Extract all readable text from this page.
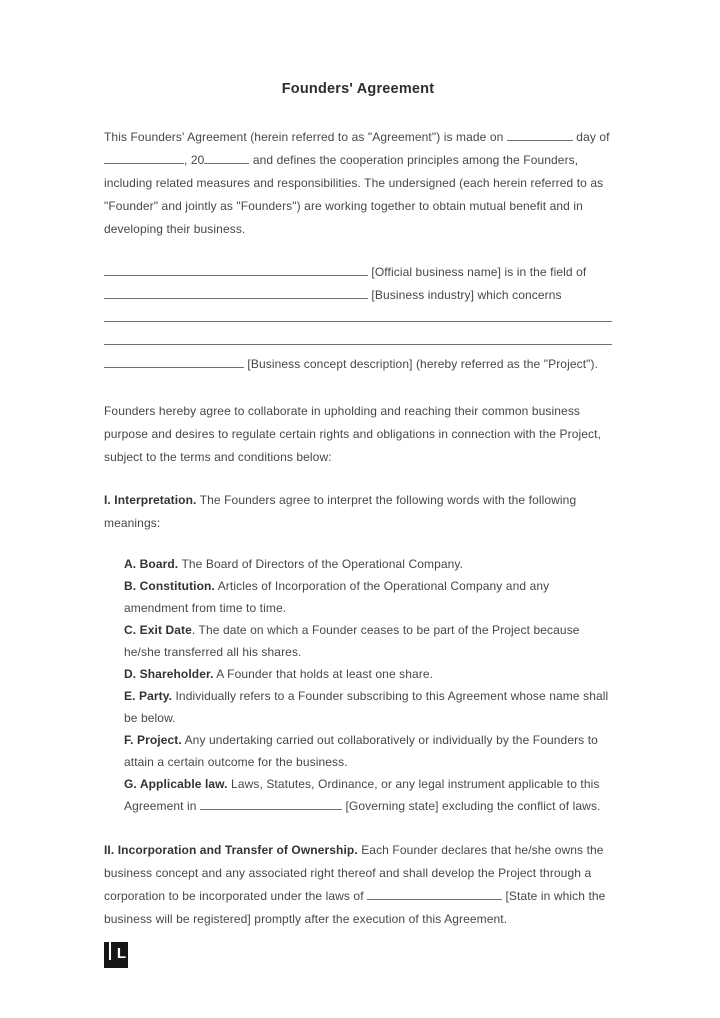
Founders' Agreement
This Founders' Agreement (herein referred to as "Agreement") is made on	day of
, 20	and defines the cooperation principles among the Founders,
including related measures and responsibilities. The undersigned (each herein referred to as
"Founder" and jointly as "Founders") are working together to obtain mutual benefit and in
developing their business.
[Official business name] is in the field of
[Business industry] which concerns
[Business concept description] (hereby referred as the "Project").
Founders hereby agree to collaborate in upholding and reaching their common business
purpose and desires to regulate certain rights and obligations in connection with the Project,
subject to the terms and conditions below:
I. Interpretation. The Founders agree to interpret the following words with the following
meanings:
A. Board. The Board of Directors of the Operational Company.
B. Constitution. Articles of Incorporation of the Operational Company and any
amendment from time to time.
C. Exit Date. The date on which a Founder ceases to be part of the Project because
he/she transferred all his shares.
D. Shareholder. A Founder that holds at least one share.
E. Party. Individually refers to a Founder subscribing to this Agreement whose name shall
be below.
F. Project. Any undertaking carried out collaboratively or individually by the Founders to
attain a certain outcome for the business.
G. Applicable law. Laws, Statutes, Ordinance, or any legal instrument applicable to this
Agreement in	[Governing state] excluding the conflict of laws.
II. Incorporation and Transfer of Ownership. Each Founder declares that he/she owns the
business concept and any associated right thereof and shall develop the Project through a
corporation to be incorporated under the laws of	[State in which the
business will be registered] promptly after the execution of this Agreement.
L
